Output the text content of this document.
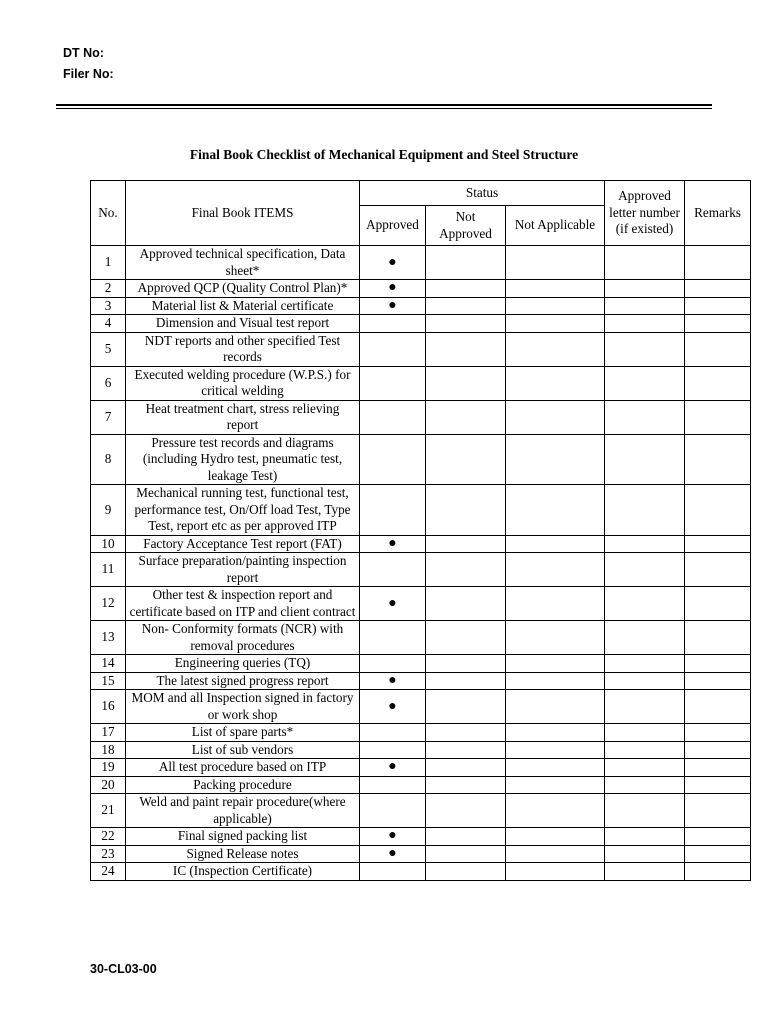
DT No:
Filer No:
Final Book Checklist of Mechanical Equipment and Steel Structure
No.	Final Book ITEMS	Status			Approved letter number (if existed)	Remarks
		Approved	Not Approved	Not Applicable		
1	Approved technical specification, Data sheet*	●				
2	Approved QCP (Quality Control Plan)*	●				
3	Material list & Material certificate	●				
4	Dimension and Visual test report					
5	NDT reports and other specified Test records					
6	Executed welding procedure (W.P.S.) for critical welding					
7	Heat treatment chart, stress relieving report					
8	Pressure test records and diagrams (including Hydro test, pneumatic test, leakage Test)					
9	Mechanical running test, functional test, performance test, On/Off load Test, Type Test, report etc as per approved ITP					
10	Factory Acceptance Test report (FAT)	●				
11	Surface preparation/painting inspection report					
12	Other test & inspection report and certificate based on ITP and client contract	●				
13	Non- Conformity formats (NCR) with removal procedures					
14	Engineering queries (TQ)					
15	The latest signed progress report	●				
16	MOM and all Inspection signed in factory or work shop	●				
17	List of spare parts*					
18	List of sub vendors					
19	All test procedure based on ITP	●				
20	Packing procedure					
21	Weld and paint repair procedure(where applicable)					
22	Final signed packing list	●				
23	Signed Release notes	●				
24	IC (Inspection Certificate)					
30-CL03-00
